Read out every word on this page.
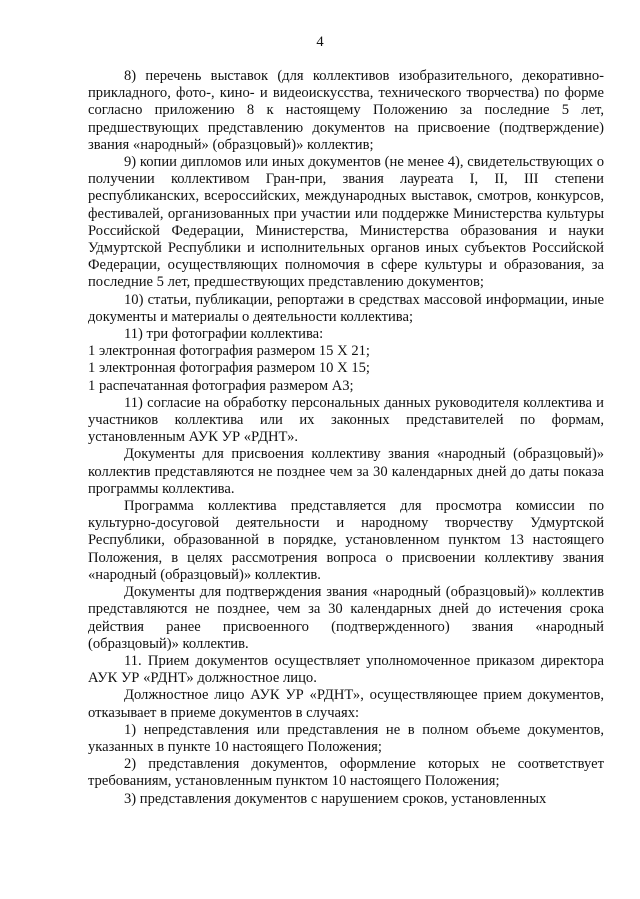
4

8) перечень выставок (для коллективов изобразительного, декоративно-прикладного, фото-, кино- и видеоискусства, технического творчества) по форме согласно приложению 8 к настоящему Положению за последние 5 лет, предшествующих представлению документов на присвоение (подтверждение) звания «народный» (образцовый)» коллектив;

9) копии дипломов или иных документов (не менее 4), свидетельствующих о получении коллективом Гран-при, звания лауреата I, II, III степени республиканских, всероссийских, международных выставок, смотров, конкурсов, фестивалей, организованных при участии или поддержке Министерства культуры Российской Федерации, Министерства, Министерства образования и науки Удмуртской Республики и исполнительных органов иных субъектов Российской Федерации, осуществляющих полномочия в сфере культуры и образования, за последние 5 лет, предшествующих представлению документов;

10) статьи, публикации, репортажи в средствах массовой информации, иные документы и материалы о деятельности коллектива;

11) три фотографии коллектива:

1 электронная фотография размером 15 Х 21;

1 электронная фотография размером 10 Х 15;

1 распечатанная фотография размером А3;

11) согласие на обработку персональных данных руководителя коллектива и участников коллектива или их законных представителей по формам, установленным АУК УР «РДНТ».

Документы для присвоения коллективу звания «народный (образцовый)» коллектив представляются не позднее чем за 30 календарных дней до даты показа программы коллектива.

Программа коллектива представляется для просмотра комиссии по культурно-досуговой деятельности и народному творчеству Удмуртской Республики, образованной в порядке, установленном пунктом 13 настоящего Положения, в целях рассмотрения вопроса о присвоении коллективу звания «народный (образцовый)» коллектив.

Документы для подтверждения звания «народный (образцовый)» коллектив представляются не позднее, чем за 30 календарных дней до истечения срока действия ранее присвоенного (подтвержденного) звания «народный (образцовый)» коллектив.

11. Прием документов осуществляет уполномоченное приказом директора АУК УР «РДНТ» должностное лицо.

Должностное лицо АУК УР «РДНТ», осуществляющее прием документов, отказывает в приеме документов в случаях:

1) непредставления или представления не в полном объеме документов, указанных в пункте 10 настоящего Положения;

2) представления документов, оформление которых не соответствует требованиям, установленным пунктом 10 настоящего Положения;

3) представления документов с нарушением сроков, установленных
